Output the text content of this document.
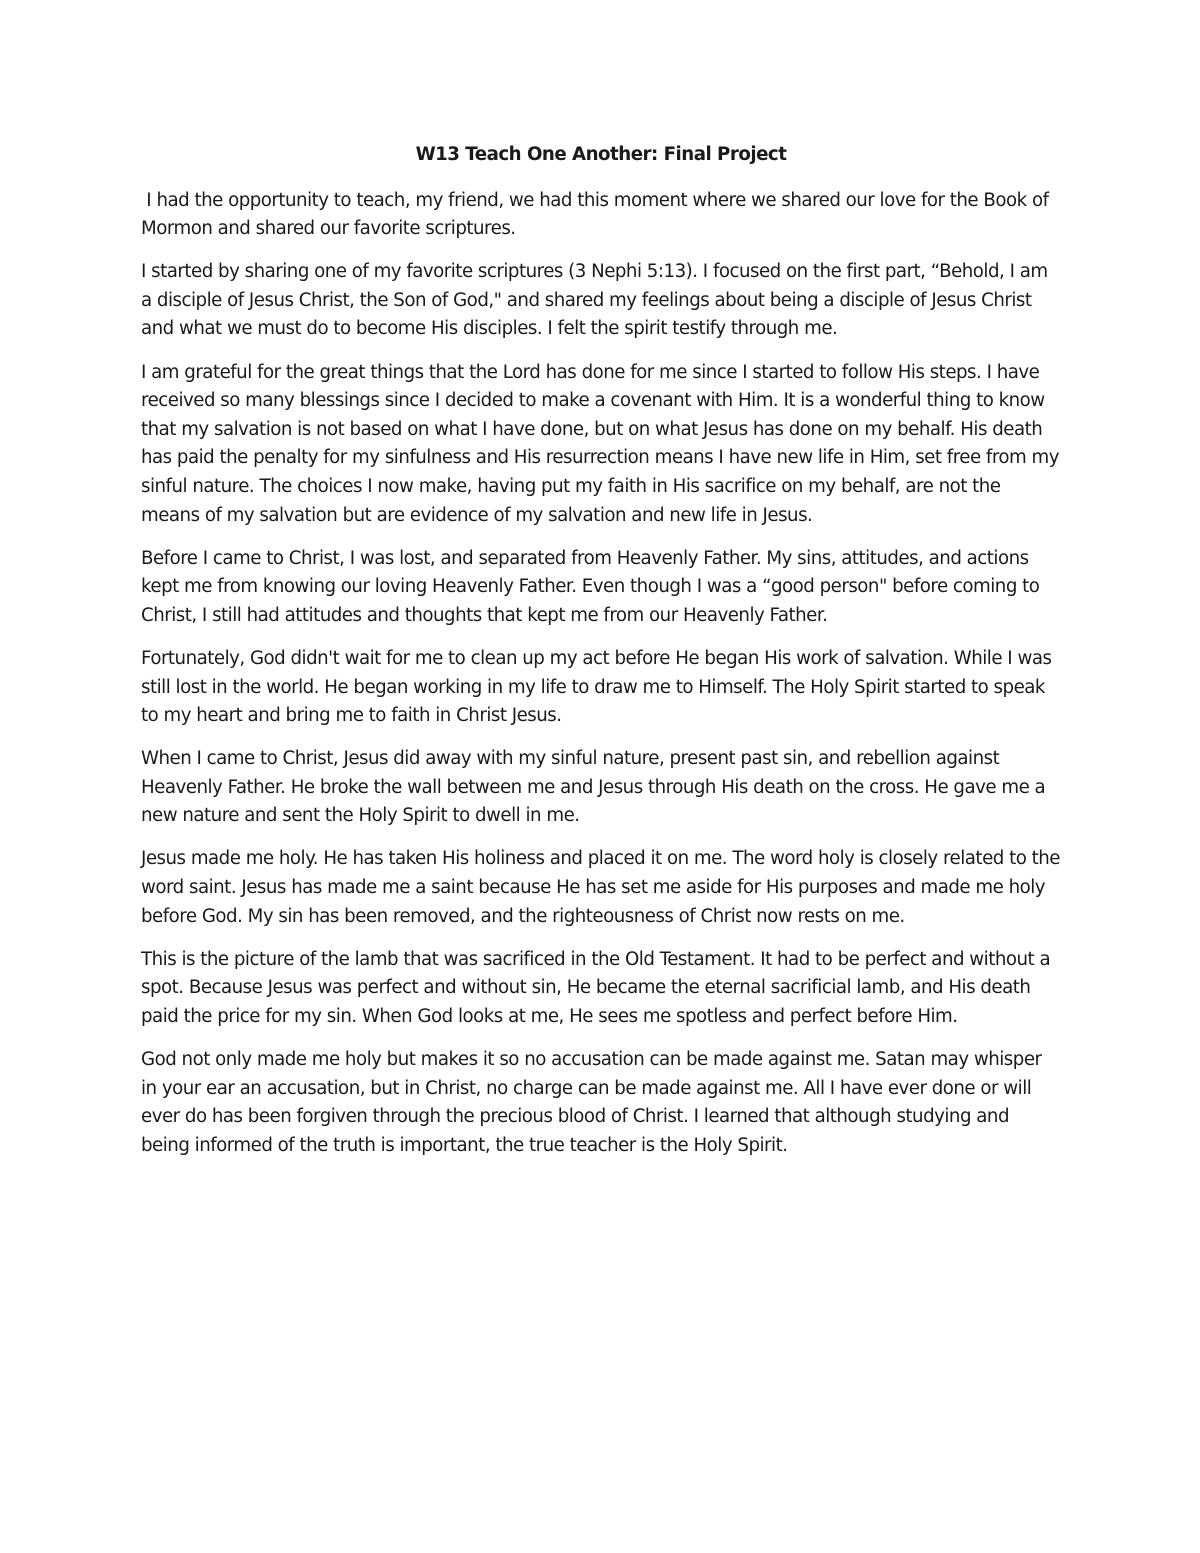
W13 Teach One Another: Final Project

I had the opportunity to teach, my friend, we had this moment where we shared our love for the Book of Mormon and shared our favorite scriptures.

I started by sharing one of my favorite scriptures (3 Nephi 5:13). I focused on the first part, “Behold, I am a disciple of Jesus Christ, the Son of God," and shared my feelings about being a disciple of Jesus Christ and what we must do to become His disciples. I felt the spirit testify through me.

I am grateful for the great things that the Lord has done for me since I started to follow His steps. I have received so many blessings since I decided to make a covenant with Him. It is a wonderful thing to know that my salvation is not based on what I have done, but on what Jesus has done on my behalf. His death has paid the penalty for my sinfulness and His resurrection means I have new life in Him, set free from my sinful nature. The choices I now make, having put my faith in His sacrifice on my behalf, are not the means of my salvation but are evidence of my salvation and new life in Jesus.

Before I came to Christ, I was lost, and separated from Heavenly Father. My sins, attitudes, and actions kept me from knowing our loving Heavenly Father. Even though I was a “good person" before coming to Christ, I still had attitudes and thoughts that kept me from our Heavenly Father.

Fortunately, God didn't wait for me to clean up my act before He began His work of salvation. While I was still lost in the world. He began working in my life to draw me to Himself. The Holy Spirit started to speak to my heart and bring me to faith in Christ Jesus.

When I came to Christ, Jesus did away with my sinful nature, present past sin, and rebellion against Heavenly Father. He broke the wall between me and Jesus through His death on the cross. He gave me a new nature and sent the Holy Spirit to dwell in me.

Jesus made me holy. He has taken His holiness and placed it on me. The word holy is closely related to the word saint. Jesus has made me a saint because He has set me aside for His purposes and made me holy before God. My sin has been removed, and the righteousness of Christ now rests on me.

This is the picture of the lamb that was sacrificed in the Old Testament. It had to be perfect and without a spot. Because Jesus was perfect and without sin, He became the eternal sacrificial lamb, and His death paid the price for my sin. When God looks at me, He sees me spotless and perfect before Him.

God not only made me holy but makes it so no accusation can be made against me. Satan may whisper in your ear an accusation, but in Christ, no charge can be made against me. All I have ever done or will ever do has been forgiven through the precious blood of Christ. I learned that although studying and being informed of the truth is important, the true teacher is the Holy Spirit.
